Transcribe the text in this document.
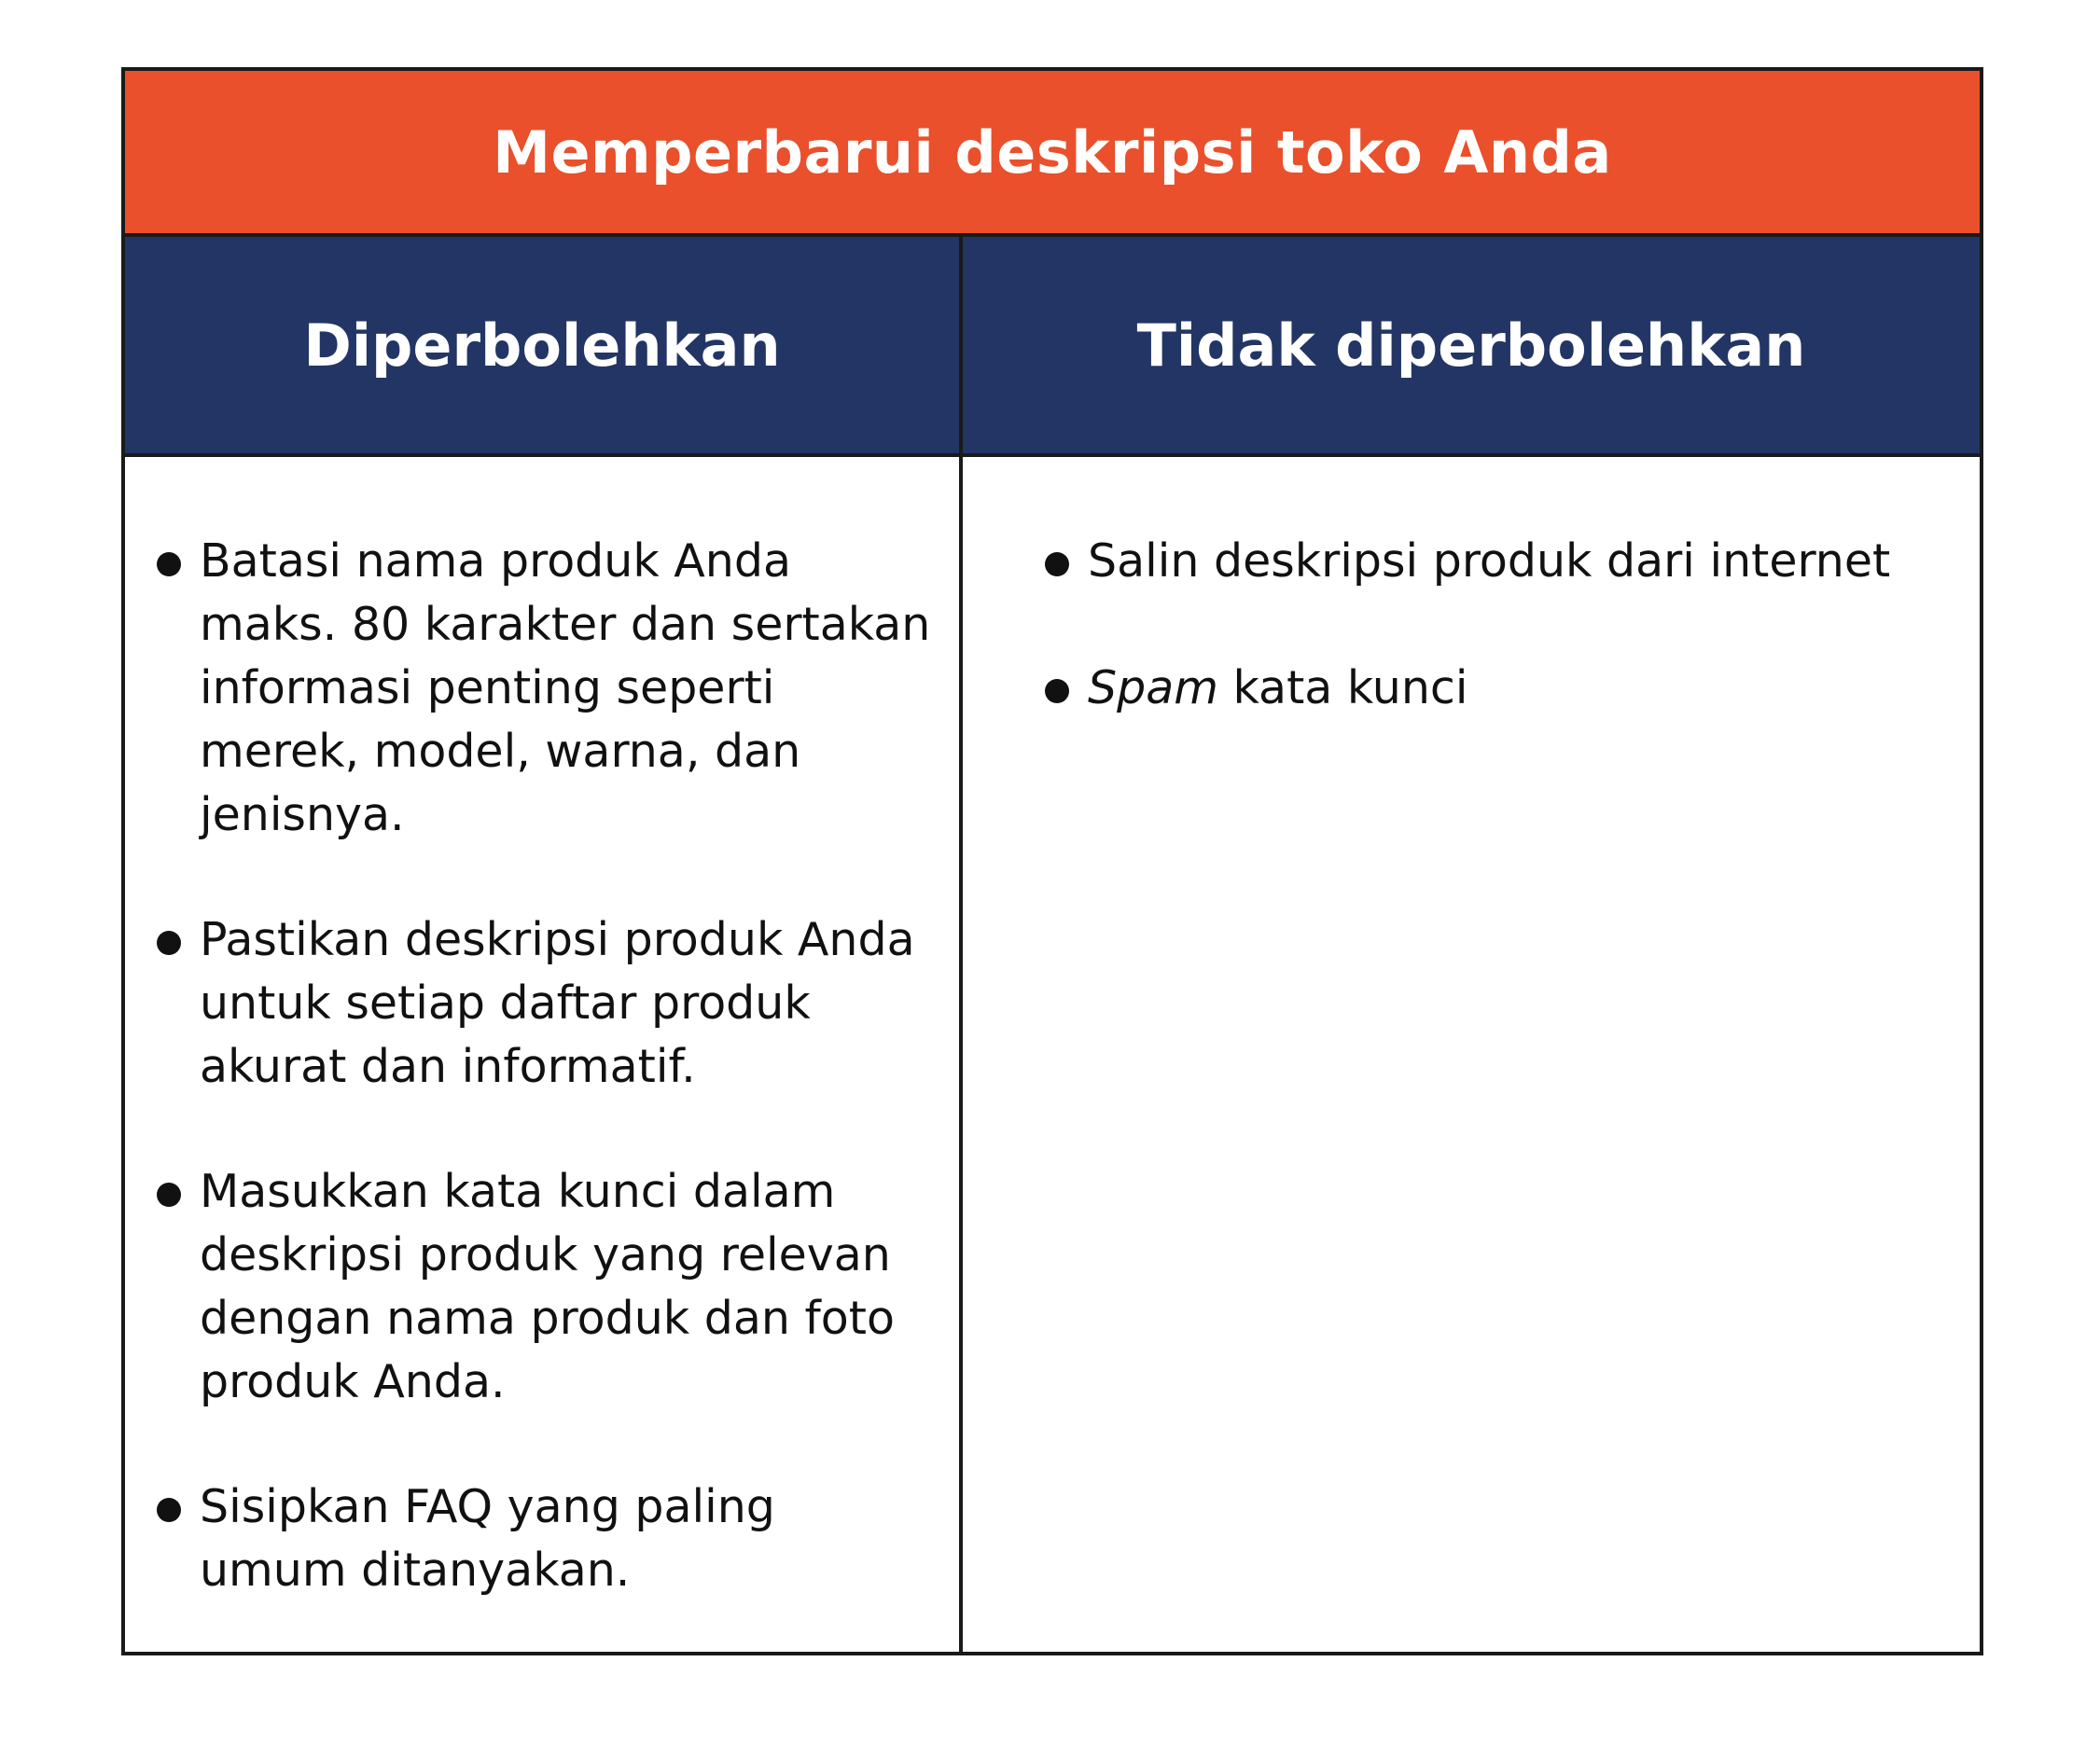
Memperbarui deskripsi toko Anda
Diperbolehkan	Tidak diperbolehkan
Batasi nama produk Anda maks. 80 karakter dan sertakan informasi penting seperti merek, model, warna, dan jenisnya.
Pastikan deskripsi produk Anda untuk setiap daftar produk akurat dan informatif.
Masukkan kata kunci dalam deskripsi produk yang relevan dengan nama produk dan foto produk Anda.
Sisipkan FAQ yang paling umum ditanyakan.
Salin deskripsi produk dari internet
Spam kata kunci
